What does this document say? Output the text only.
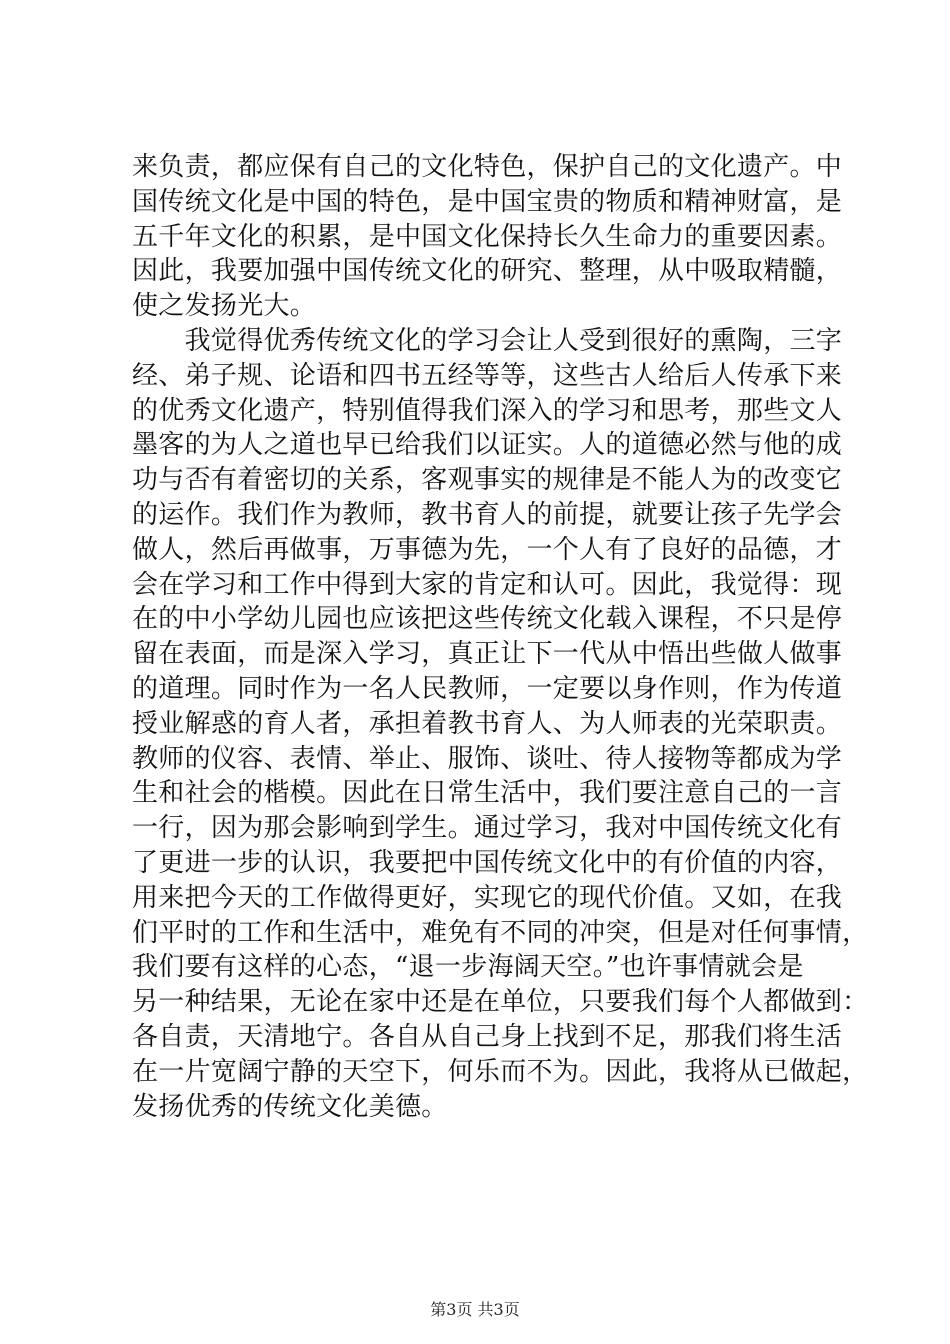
来负责，都应保有自己的文化特色，保护自己的文化遗产。中
国传统文化是中国的特色，是中国宝贵的物质和精神财富，是
五千年文化的积累，是中国文化保持长久生命力的重要因素。
因此，我要加强中国传统文化的研究、整理，从中吸取精髓，
使之发扬光大。
　　我觉得优秀传统文化的学习会让人受到很好的熏陶，三字
经、弟子规、论语和四书五经等等，这些古人给后人传承下来
的优秀文化遗产，特别值得我们深入的学习和思考，那些文人
墨客的为人之道也早已给我们以证实。人的道德必然与他的成
功与否有着密切的关系，客观事实的规律是不能人为的改变它
的运作。我们作为教师，教书育人的前提，就要让孩子先学会
做人，然后再做事，万事德为先，一个人有了良好的品德，才
会在学习和工作中得到大家的肯定和认可。因此，我觉得：现
在的中小学幼儿园也应该把这些传统文化载入课程，不只是停
留在表面，而是深入学习，真正让下一代从中悟出些做人做事
的道理。同时作为一名人民教师，一定要以身作则，作为传道
授业解惑的育人者，承担着教书育人、为人师表的光荣职责。
教师的仪容、表情、举止、服饰、谈吐、待人接物等都成为学
生和社会的楷模。因此在日常生活中，我们要注意自己的一言
一行，因为那会影响到学生。通过学习，我对中国传统文化有
了更进一步的认识，我要把中国传统文化中的有价值的内容，
用来把今天的工作做得更好，实现它的现代价值。又如，在我
们平时的工作和生活中，难免有不同的冲突，但是对任何事情，
我们要有这样的心态，“退一步海阔天空。”也许事情就会是
另一种结果，无论在家中还是在单位，只要我们每个人都做到：
各自责，天清地宁。各自从自己身上找到不足，那我们将生活
在一片宽阔宁静的天空下，何乐而不为。因此，我将从已做起，
发扬优秀的传统文化美德。
第3页 共3页
